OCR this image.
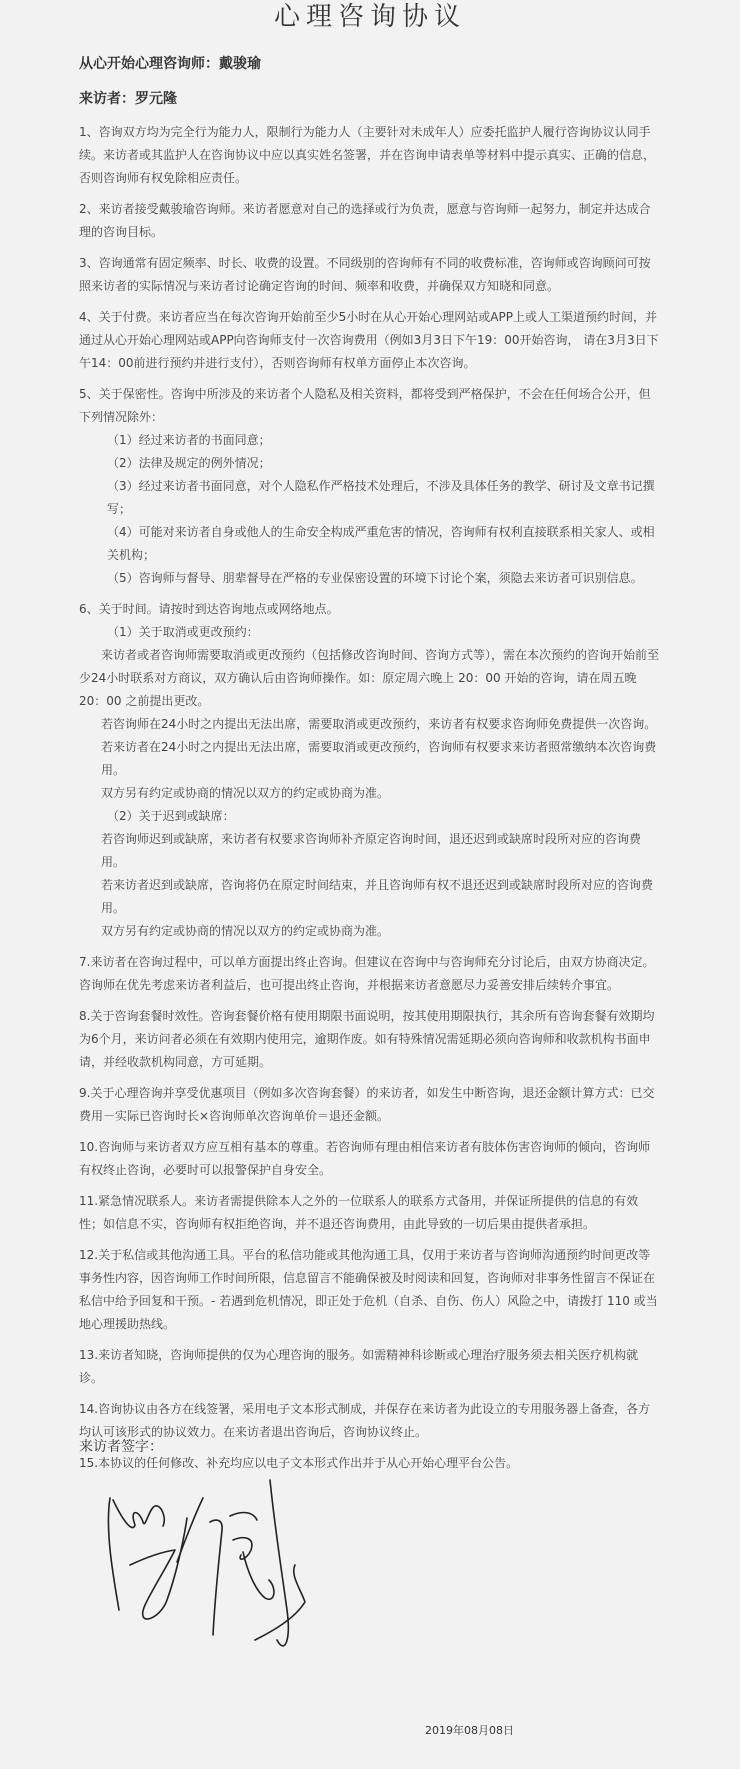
心理咨询协议
从心开始心理咨询师：戴骏瑜
来访者：罗元隆

1、咨询双方均为完全行为能力人，限制行为能力人（主要针对未成年人）应委托监护人履行咨询协议认同手续。来访者或其监护人在咨询协议中应以真实姓名签署，并在咨询申请表单等材料中提示真实、正确的信息，否则咨询师有权免除相应责任。

2、来访者接受戴骏瑜咨询师。来访者愿意对自己的选择或行为负责，愿意与咨询师一起努力，制定并达成合理的咨询目标。

3、咨询通常有固定频率、时长、收费的设置。不同级别的咨询师有不同的收费标准，咨询师或咨询顾问可按照来访者的实际情况与来访者讨论确定咨询的时间、频率和收费，并确保双方知晓和同意。

4、关于付费。来访者应当在每次咨询开始前至少5小时在从心开始心理网站或APP上或人工渠道预约时间，并通过从心开始心理网站或APP向咨询师支付一次咨询费用（例如3月3日下午19：00开始咨询， 请在3月3日下午14：00前进行预约并进行支付），否则咨询师有权单方面停止本次咨询。

5、关于保密性。咨询中所涉及的来访者个人隐私及相关资料，都将受到严格保护，不会在任何场合公开，但下列情况除外：

（1）经过来访者的书面同意；

（2）法律及规定的例外情况；

（3）经过来访者书面同意，对个人隐私作严格技术处理后，不涉及具体任务的教学、研讨及文章书记撰写；

（4）可能对来访者自身或他人的生命安全构成严重危害的情况，咨询师有权利直接联系相关家人、或相关机构；

（5）咨询师与督导、朋辈督导在严格的专业保密设置的环境下讨论个案，须隐去来访者可识别信息。

6、关于时间。请按时到达咨询地点或网络地点。

（1）关于取消或更改预约：

来访者或者咨询师需要取消或更改预约（包括修改咨询时间、咨询方式等），需在本次预约的咨询开始前至少24小时联系对方商议，双方确认后由咨询师操作。如：原定周六晚上 20：00 开始的咨询，请在周五晚 20：00 之前提出更改。

若咨询师在24小时之内提出无法出席，需要取消或更改预约，来访者有权要求咨询师免费提供一次咨询。

若来访者在24小时之内提出无法出席，需要取消或更改预约，咨询师有权要求来访者照常缴纳本次咨询费用。

双方另有约定或协商的情况以双方的约定或协商为准。

（2）关于迟到或缺席：

若咨询师迟到或缺席，来访者有权要求咨询师补齐原定咨询时间，退还迟到或缺席时段所对应的咨询费用。

若来访者迟到或缺席，咨询将仍在原定时间结束，并且咨询师有权不退还迟到或缺席时段所对应的咨询费用。

双方另有约定或协商的情况以双方的约定或协商为准。

7.来访者在咨询过程中，可以单方面提出终止咨询。但建议在咨询中与咨询师充分讨论后，由双方协商决定。咨询师在优先考虑来访者利益后，也可提出终止咨询，并根据来访者意愿尽力妥善安排后续转介事宜。

8.关于咨询套餐时效性。咨询套餐价格有使用期限书面说明，按其使用期限执行，其余所有咨询套餐有效期均为6个月，来访问者必须在有效期内使用完，逾期作废。如有特殊情况需延期必须向咨询师和收款机构书面申请，并经收款机构同意，方可延期。

9.关于心理咨询并享受优惠项目（例如多次咨询套餐）的来访者，如发生中断咨询，退还金额计算方式：已交费用－实际已咨询时长×咨询师单次咨询单价＝退还金额。

10.咨询师与来访者双方应互相有基本的尊重。若咨询师有理由相信来访者有肢体伤害咨询师的倾向，咨询师有权终止咨询，必要时可以报警保护自身安全。

11.紧急情况联系人。来访者需提供除本人之外的一位联系人的联系方式备用，并保证所提供的信息的有效性；如信息不实，咨询师有权拒绝咨询，并不退还咨询费用，由此导致的一切后果由提供者承担。

12.关于私信或其他沟通工具。平台的私信功能或其他沟通工具，仅用于来访者与咨询师沟通预约时间更改等事务性内容，因咨询师工作时间所限，信息留言不能确保被及时阅读和回复，咨询师对非事务性留言不保证在私信中给予回复和干预。- 若遇到危机情况，即正处于危机（自杀、自伤、伤人）风险之中，请拨打 110 或当地心理援助热线。

13.来访者知晓，咨询师提供的仅为心理咨询的服务。如需精神科诊断或心理治疗服务须去相关医疗机构就诊。

14.咨询协议由各方在线签署，采用电子文本形式制成，并保存在来访者为此设立的专用服务器上备查，各方均认可该形式的协议效力。在来访者退出咨询后，咨询协议终止。

15.本协议的任何修改、补充均应以电子文本形式作出并于从心开始心理平台公告。

来访者签字：
2019年08月08日
